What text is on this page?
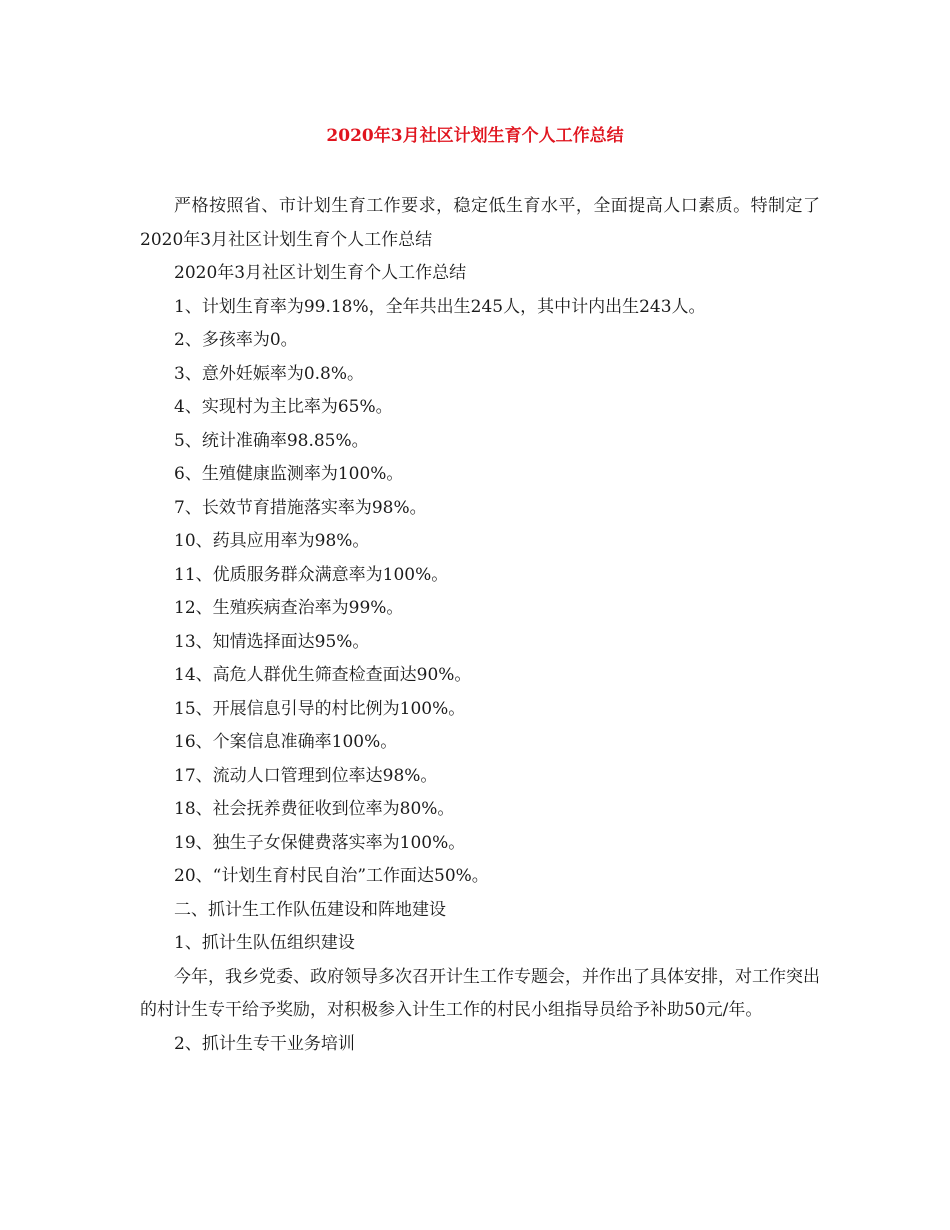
2020年3月社区计划生育个人工作总结

严格按照省、市计划生育工作要求，稳定低生育水平，全面提高人口素质。特制定了2020年3月社区计划生育个人工作总结

2020年3月社区计划生育个人工作总结

1、计划生育率为99.18%，全年共出生245人，其中计内出生243人。

2、多孩率为0。

3、意外妊娠率为0.8%。

4、实现村为主比率为65%。

5、统计准确率98.85%。

6、生殖健康监测率为100%。

7、长效节育措施落实率为98%。

10、药具应用率为98%。

11、优质服务群众满意率为100%。

12、生殖疾病查治率为99%。

13、知情选择面达95%。

14、高危人群优生筛查检查面达90%。

15、开展信息引导的村比例为100%。

16、个案信息准确率100%。

17、流动人口管理到位率达98%。

18、社会抚养费征收到位率为80%。

19、独生子女保健费落实率为100%。

20、“计划生育村民自治”工作面达50%。

二、抓计生工作队伍建设和阵地建设

1、抓计生队伍组织建设

今年，我乡党委、政府领导多次召开计生工作专题会，并作出了具体安排，对工作突出的村计生专干给予奖励，对积极参入计生工作的村民小组指导员给予补助50元/年。

2、抓计生专干业务培训
